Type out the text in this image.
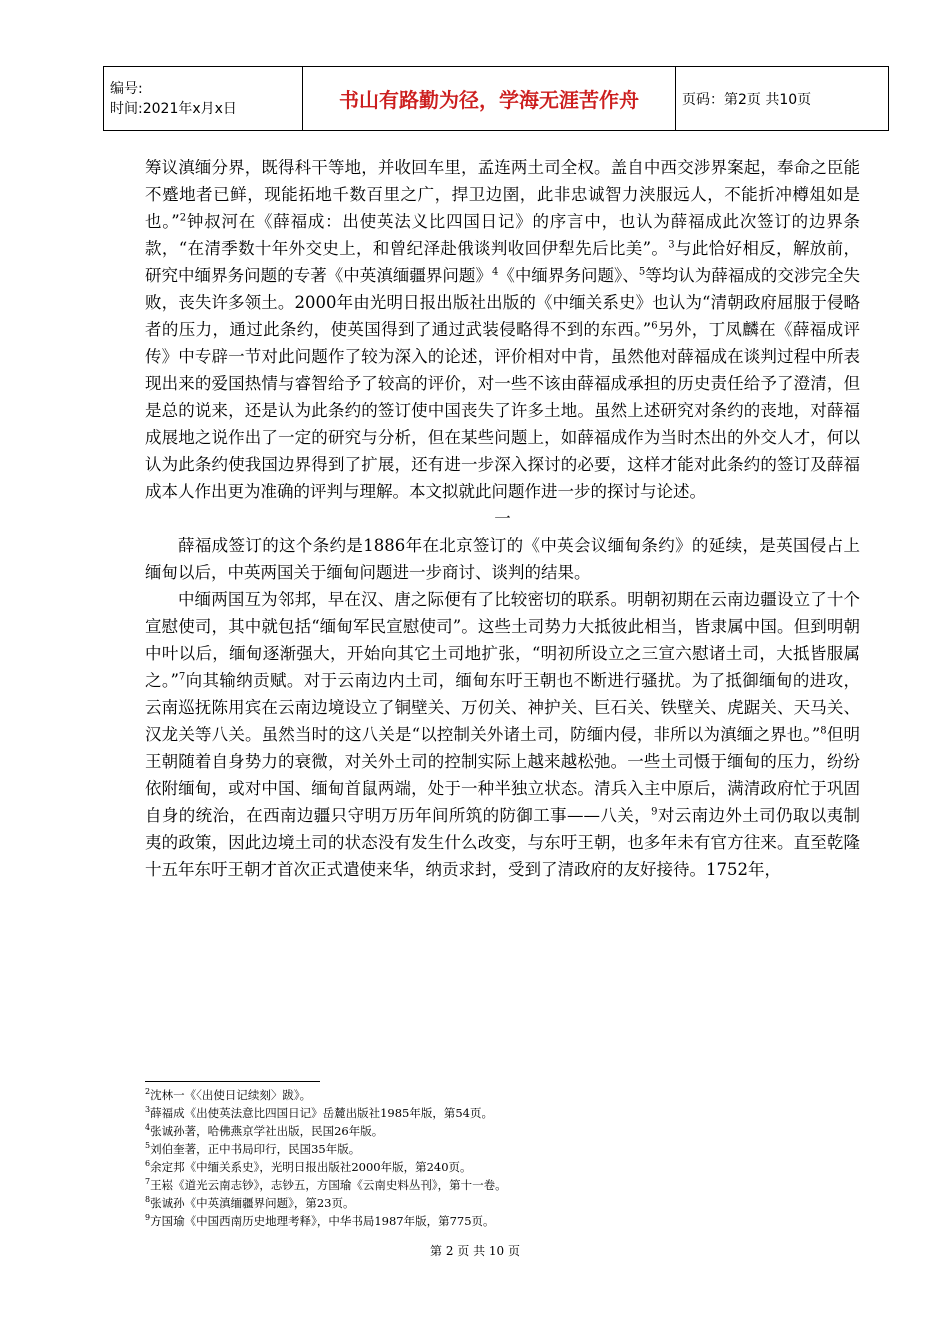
编号:
时间:2021年x月x日	书山有路勤为径，学海无涯苦作舟	页码：第2页 共10页

筹议滇缅分界，既得科干等地，并收回车里，孟连两土司全权。盖自中西交涉界案起，奉命之臣能不蹙地者已鲜，现能拓地千数百里之广，捍卫边圉，此非忠诚智力浃服远人，不能折冲樽俎如是也。”$^2$钟叔河在《薛福成：出使英法义比四国日记》的序言中，也认为薛福成此次签订的边界条款，“在清季数十年外交史上，和曾纪泽赴俄谈判收回伊犁先后比美”。$^3$与此恰好相反，解放前，研究中缅界务问题的专著《中英滇缅疆界问题》$^4$《中缅界务问题》、$^5$等均认为薛福成的交涉完全失败，丧失许多领土。2000年由光明日报出版社出版的《中缅关系史》也认为“清朝政府屈服于侵略者的压力，通过此条约，使英国得到了通过武装侵略得不到的东西。”$^6$另外，丁凤麟在《薛福成评传》中专辟一节对此问题作了较为深入的论述，评价相对中肯，虽然他对薛福成在谈判过程中所表现出来的爱国热情与睿智给予了较高的评价，对一些不该由薛福成承担的历史责任给予了澄清，但是总的说来，还是认为此条约的签订使中国丧失了许多土地。虽然上述研究对条约的丧地，对薛福成展地之说作出了一定的研究与分析，但在某些问题上，如薛福成作为当时杰出的外交人才，何以认为此条约使我国边界得到了扩展，还有进一步深入探讨的必要，这样才能对此条约的签订及薛福成本人作出更为准确的评判与理解。本文拟就此问题作进一步的探讨与论述。

一

薛福成签订的这个条约是1886年在北京签订的《中英会议缅甸条约》的延续，是英国侵占上缅甸以后，中英两国关于缅甸问题进一步商讨、谈判的结果。

中缅两国互为邻邦，早在汉、唐之际便有了比较密切的联系。明朝初期在云南边疆设立了十个宣慰使司，其中就包括“缅甸军民宣慰使司”。这些土司势力大抵彼此相当，皆隶属中国。但到明朝中叶以后，缅甸逐渐强大，开始向其它土司地扩张，“明初所设立之三宣六慰诸土司，大抵皆服属之。”$^7$向其输纳贡赋。对于云南边内土司，缅甸东吁王朝也不断进行骚扰。为了抵御缅甸的进攻，云南巡抚陈用宾在云南边境设立了铜壁关、万仞关、神护关、巨石关、铁壁关、虎踞关、天马关、汉龙关等八关。虽然当时的这八关是“以控制关外诸土司，防缅内侵，非所以为滇缅之界也。”$^8$但明王朝随着自身势力的衰微，对关外土司的控制实际上越来越松弛。一些土司慑于缅甸的压力，纷纷依附缅甸，或对中国、缅甸首鼠两端，处于一种半独立状态。清兵入主中原后，满清政府忙于巩固自身的统治，在西南边疆只守明万历年间所筑的防御工事——八关，$^9$对云南边外土司仍取以夷制夷的政策，因此边境土司的状态没有发生什么改变，与东吁王朝，也多年未有官方往来。直至乾隆十五年东吁王朝才首次正式遣使来华，纳贡求封，受到了清政府的友好接待。1752年，

$^2$沈林一《〈出使日记续刻〉跋》。
$^3$薛福成《出使英法意比四国日记》岳麓出版社1985年版，第54页。
$^4$张诚孙著，哈佛燕京学社出版，民国26年版。
$^5$刘伯奎著，正中书局印行，民国35年版。
$^6$余定邦《中缅关系史》，光明日报出版社2000年版，第240页。
$^7$王崧《道光云南志钞》，志钞五，方国瑜《云南史料丛刊》，第十一卷。
$^8$张诚孙《中英滇缅疆界问题》，第23页。
$^9$方国瑜《中国西南历史地理考释》，中华书局1987年版，第775页。
第 2 页 共 10 页
